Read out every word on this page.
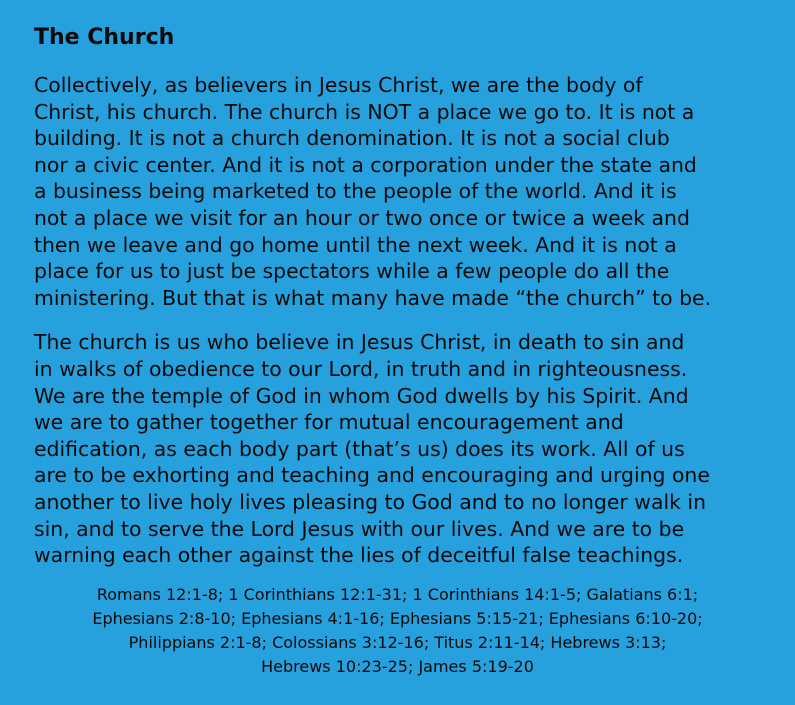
The Church

Collectively, as believers in Jesus Christ, we are the body of
Christ, his church. The church is NOT a place we go to. It is not a
building. It is not a church denomination. It is not a social club
nor a civic center. And it is not a corporation under the state and
a business being marketed to the people of the world. And it is
not a place we visit for an hour or two once or twice a week and
then we leave and go home until the next week. And it is not a
place for us to just be spectators while a few people do all the
ministering. But that is what many have made “the church” to be.

The church is us who believe in Jesus Christ, in death to sin and
in walks of obedience to our Lord, in truth and in righteousness.
We are the temple of God in whom God dwells by his Spirit. And
we are to gather together for mutual encouragement and
edification, as each body part (that’s us) does its work. All of us
are to be exhorting and teaching and encouraging and urging one
another to live holy lives pleasing to God and to no longer walk in
sin, and to serve the Lord Jesus with our lives. And we are to be
warning each other against the lies of deceitful false teachings.

Romans 12:1-8; 1 Corinthians 12:1-31; 1 Corinthians 14:1-5; Galatians 6:1;
Ephesians 2:8-10; Ephesians 4:1-16; Ephesians 5:15-21; Ephesians 6:10-20;
Philippians 2:1-8; Colossians 3:12-16; Titus 2:11-14; Hebrews 3:13;
Hebrews 10:23-25; James 5:19-20
